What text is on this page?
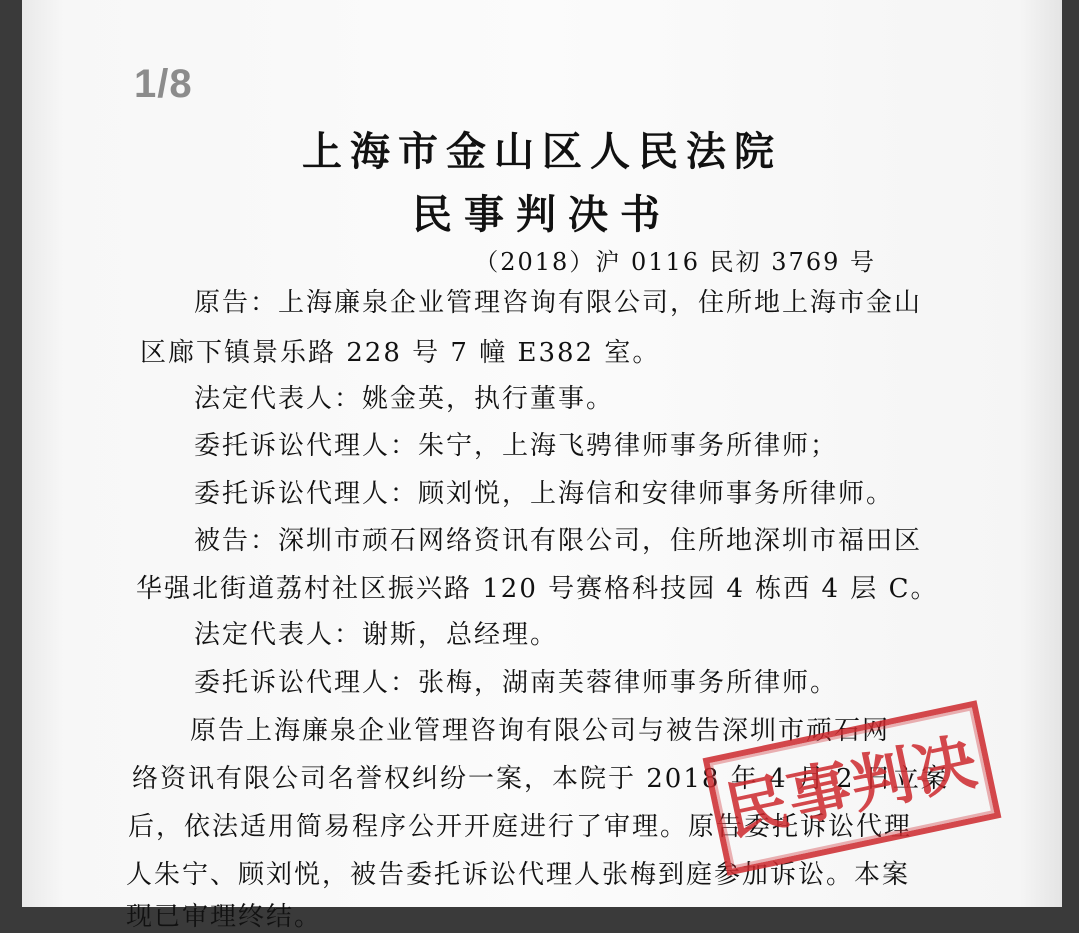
1/8
上海市金山区人民法院
民事判决书
（2018）沪 0116 民初 3769 号
原告：上海廉泉企业管理咨询有限公司，住所地上海市金山
区廊下镇景乐路 228 号 7 幢 E382 室。
法定代表人：姚金英，执行董事。
委托诉讼代理人：朱宁，上海飞骋律师事务所律师；
委托诉讼代理人：顾刘悦，上海信和安律师事务所律师。
被告：深圳市顽石网络资讯有限公司，住所地深圳市福田区
华强北街道荔村社区振兴路 120 号赛格科技园 4 栋西 4 层 C。
法定代表人：谢斯，总经理。
委托诉讼代理人：张梅，湖南芙蓉律师事务所律师。
原告上海廉泉企业管理咨询有限公司与被告深圳市顽石网
络资讯有限公司名誉权纠纷一案，本院于 2018 年 4 月 2 日立案
后，依法适用简易程序公开开庭进行了审理。原告委托诉讼代理
人朱宁、顾刘悦，被告委托诉讼代理人张梅到庭参加诉讼。本案
现已审理终结。
民事判决
